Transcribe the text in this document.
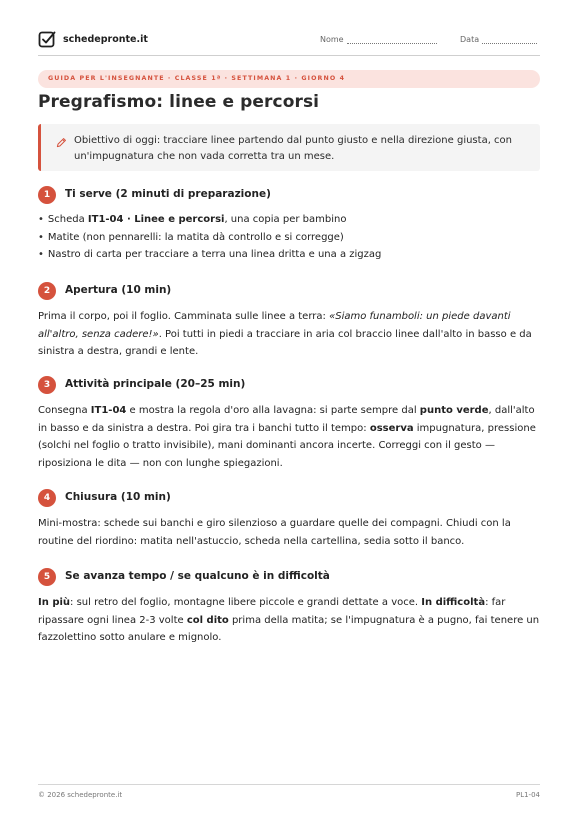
schedepronte.it	Nome	Data
GUIDA PER L'INSEGNANTE · CLASSE 1ª · SETTIMANA 1 · GIORNO 4
Pregrafismo: linee e percorsi
Obiettivo di oggi: tracciare linee partendo dal punto giusto e nella direzione giusta, con un'impugnatura che non vada corretta tra un mese.
1	Ti serve (2 minuti di preparazione)
• Scheda IT1-04 · Linee e percorsi, una copia per bambino
• Matite (non pennarelli: la matita dà controllo e si corregge)
• Nastro di carta per tracciare a terra una linea dritta e una a zigzag
2	Apertura (10 min)

Prima il corpo, poi il foglio. Camminata sulle linee a terra: «Siamo funamboli: un piede davanti all'altro, senza cadere!». Poi tutti in piedi a tracciare in aria col braccio linee dall'alto in basso e da sinistra a destra, grandi e lente.

3	Attività principale (20–25 min)

Consegna IT1-04 e mostra la regola d'oro alla lavagna: si parte sempre dal punto verde, dall'alto in basso e da sinistra a destra. Poi gira tra i banchi tutto il tempo: osserva impugnatura, pressione (solchi nel foglio o tratto invisibile), mani dominanti ancora incerte. Correggi con il gesto — riposiziona le dita — non con lunghe spiegazioni.

4	Chiusura (10 min)

Mini-mostra: schede sui banchi e giro silenzioso a guardare quelle dei compagni. Chiudi con la routine del riordino: matita nell'astuccio, scheda nella cartellina, sedia sotto il banco.

5	Se avanza tempo / se qualcuno è in difficoltà

In più: sul retro del foglio, montagne libere piccole e grandi dettate a voce. In difficoltà: far ripassare ogni linea 2-3 volte col dito prima della matita; se l'impugnatura è a pugno, fai tenere un fazzolettino sotto anulare e mignolo.

© 2026 schedepronte.it	PL1-04
